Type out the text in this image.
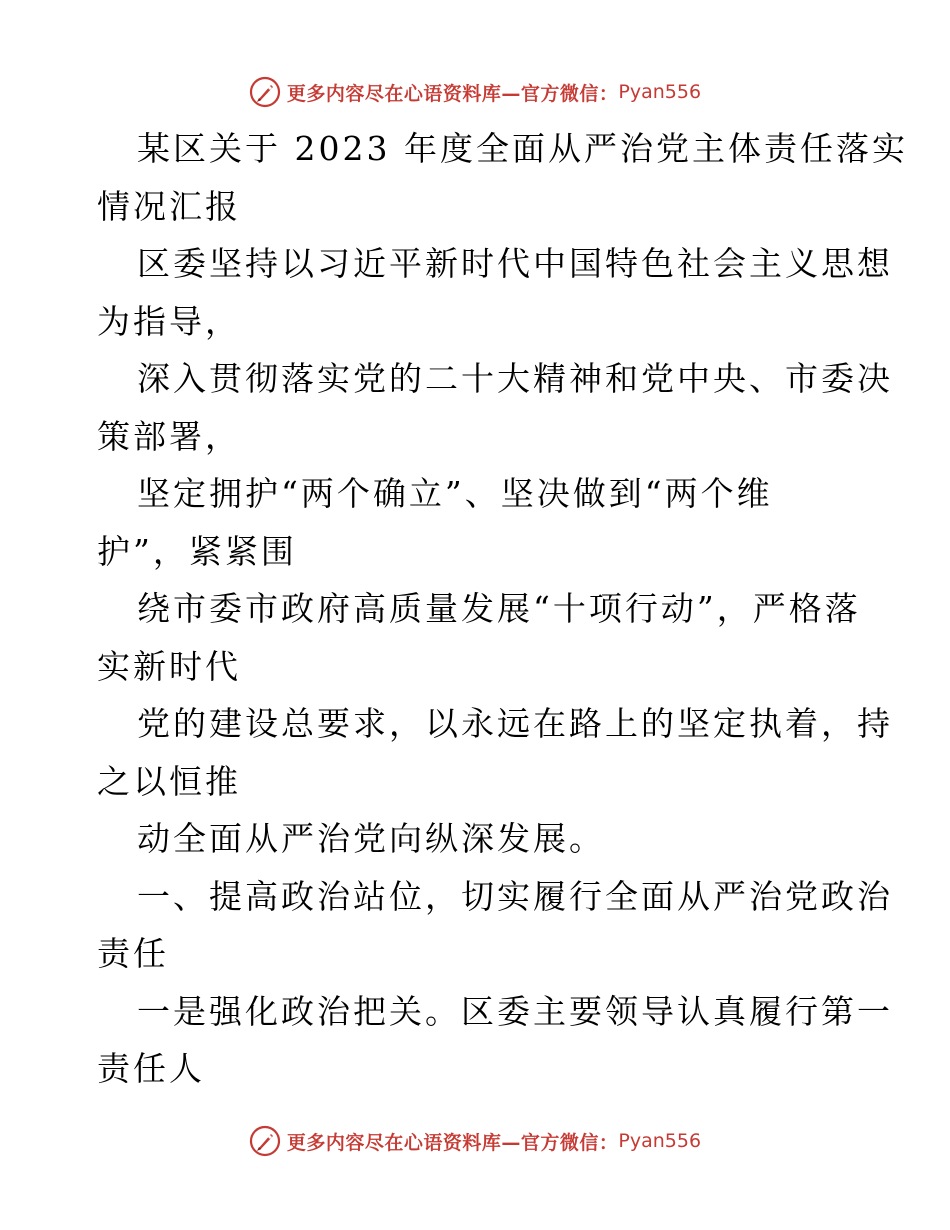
更多内容尽在心语资料库—官方微信： Pyan556
某区关于 2023 年度全面从严治党主体责任落实
情况汇报
区委坚持以习近平新时代中国特色社会主义思想
为指导，
深入贯彻落实党的二十大精神和党中央、市委决
策部署，
坚定拥护“两个确立”、坚决做到“两个维
护”，紧紧围
绕市委市政府高质量发展“十项行动”，严格落
实新时代
党的建设总要求，以永远在路上的坚定执着，持
之以恒推
动全面从严治党向纵深发展。
一、提高政治站位，切实履行全面从严治党政治
责任
一是强化政治把关。区委主要领导认真履行第一
责任人
更多内容尽在心语资料库—官方微信： Pyan556
